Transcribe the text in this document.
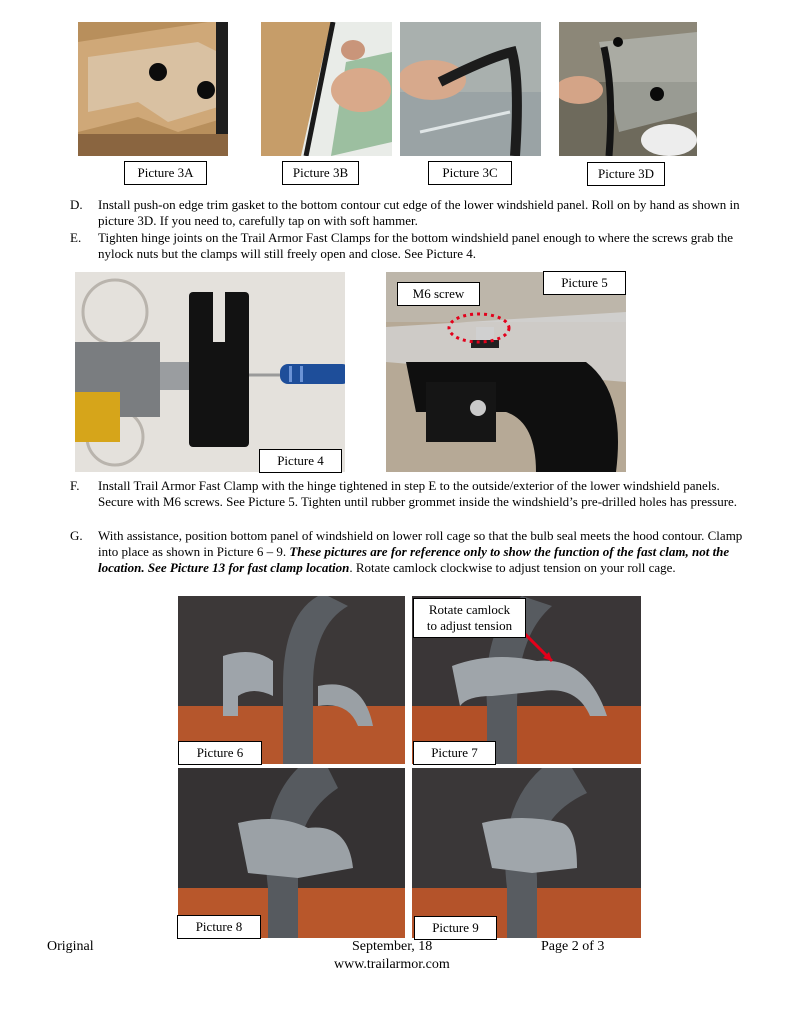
Picture 3A	Picture 3B	Picture 3C	Picture 3D
D. Install push-on edge trim gasket to the bottom contour cut edge of the lower windshield panel. Roll on by hand as shown in picture 3D. If you need to, carefully tap on with soft hammer.
E. Tighten hinge joints on the Trail Armor Fast Clamps for the bottom windshield panel enough to where the screws grab the nylock nuts but the clamps will still freely open and close. See Picture 4.
Picture 4
M6 screw
Picture 5
F. Install Trail Armor Fast Clamp with the hinge tightened in step E to the outside/exterior of the lower windshield panels. Secure with M6 screws. See Picture 5. Tighten until rubber grommet inside the windshield’s pre-drilled holes has pressure.
G. With assistance, position bottom panel of windshield on lower roll cage so that the bulb seal meets the hood contour. Clamp into place as shown in Picture 6 – 9. These pictures are for reference only to show the function of the fast clam, not the location. See Picture 13 for fast clamp location. Rotate camlock clockwise to adjust tension on your roll cage.
Picture 6	Picture 7
Picture 8	Picture 9
Rotate camlock
to adjust tension
Original	September, 18	Page 2 of 3
www.trailarmor.com
